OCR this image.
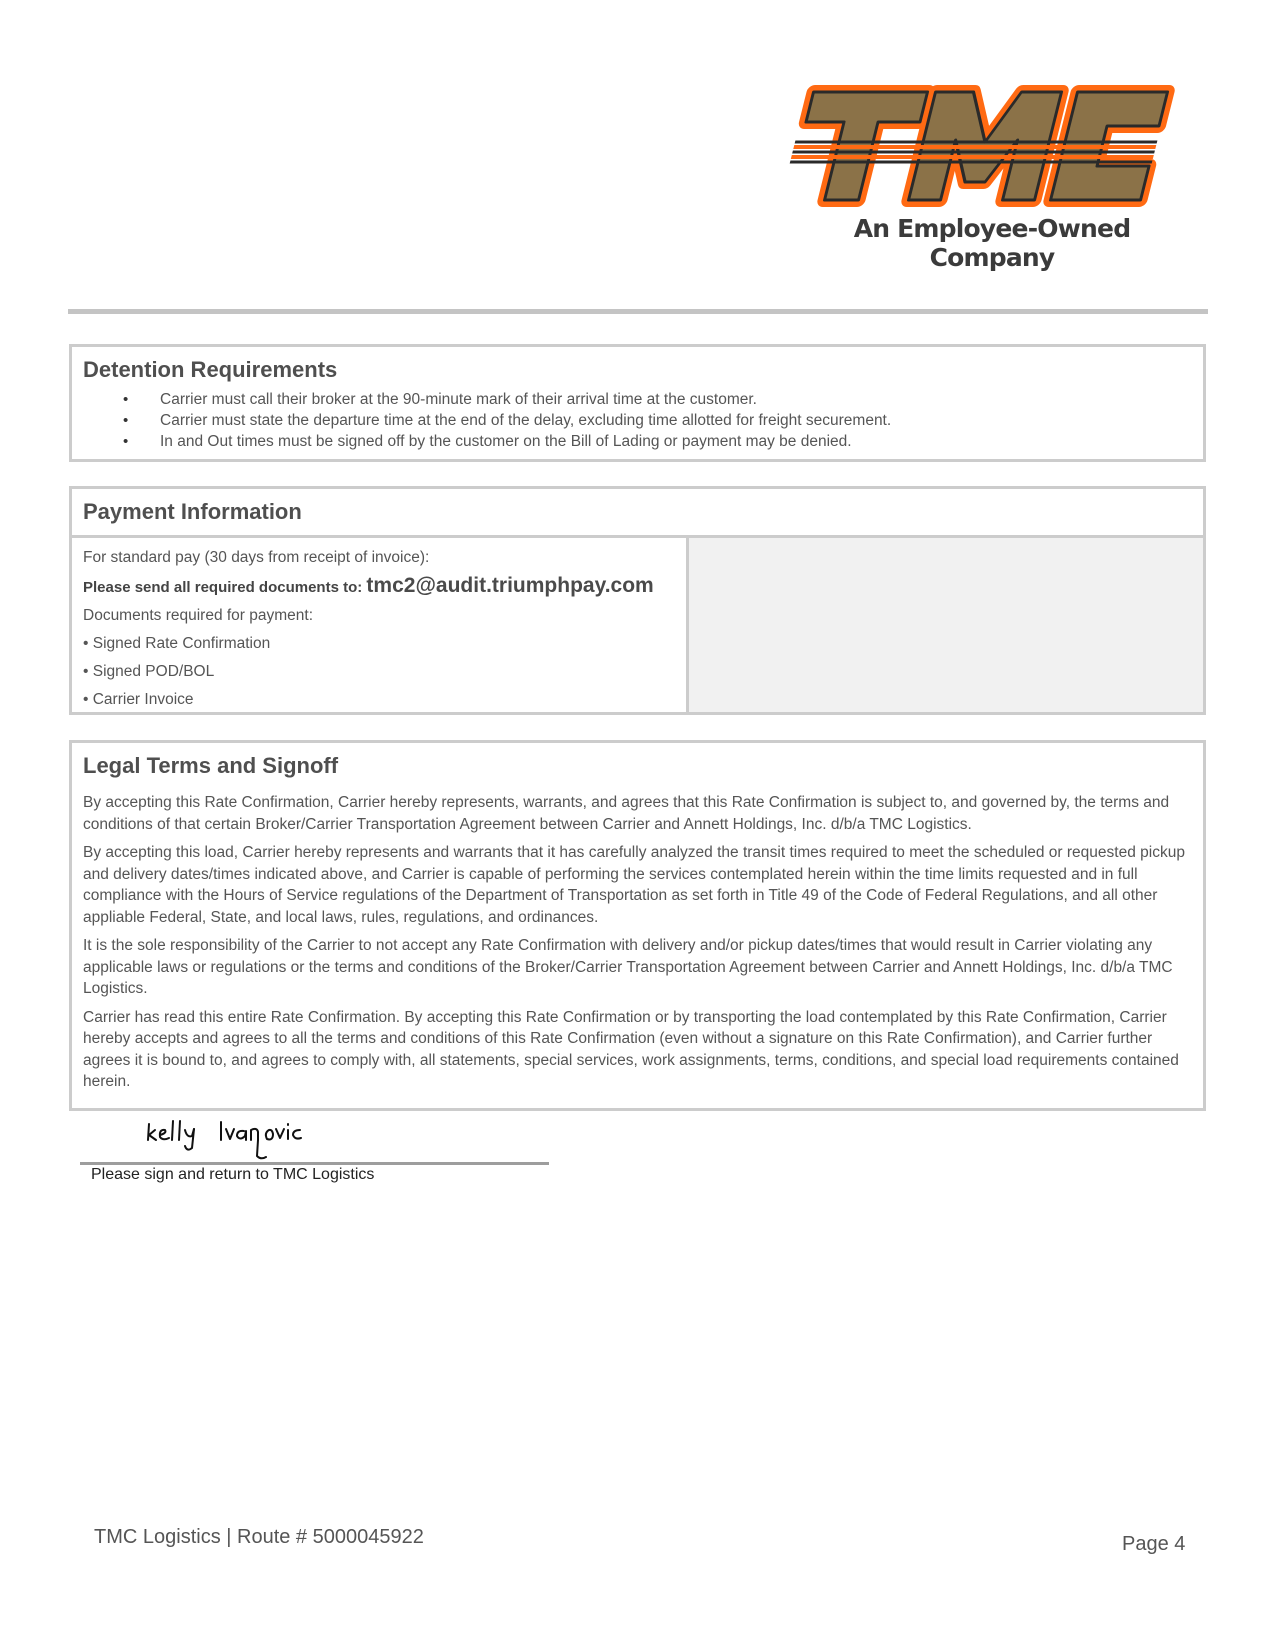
An Employee-Owned Company
Detention Requirements
• Carrier must call their broker at the 90-minute mark of their arrival time at the customer.
• Carrier must state the departure time at the end of the delay, excluding time allotted for freight securement.
• In and Out times must be signed off by the customer on the Bill of Lading or payment may be denied.
Payment Information
For standard pay (30 days from receipt of invoice):
Please send all required documents to: tmc2@audit.triumphpay.com
Documents required for payment:
• Signed Rate Confirmation
• Signed POD/BOL
• Carrier Invoice
Legal Terms and Signoff

By accepting this Rate Confirmation, Carrier hereby represents, warrants, and agrees that this Rate Confirmation is subject to, and governed by, the terms and conditions of that certain Broker/Carrier Transportation Agreement between Carrier and Annett Holdings, Inc. d/b/a TMC Logistics.

By accepting this load, Carrier hereby represents and warrants that it has carefully analyzed the transit times required to meet the scheduled or requested pickup and delivery dates/times indicated above, and Carrier is capable of performing the services contemplated herein within the time limits requested and in full compliance with the Hours of Service regulations of the Department of Transportation as set forth in Title 49 of the Code of Federal Regulations, and all other appliable Federal, State, and local laws, rules, regulations, and ordinances.

It is the sole responsibility of the Carrier to not accept any Rate Confirmation with delivery and/or pickup dates/times that would result in Carrier violating any applicable laws or regulations or the terms and conditions of the Broker/Carrier Transportation Agreement between Carrier and Annett Holdings, Inc. d/b/a TMC Logistics.

Carrier has read this entire Rate Confirmation. By accepting this Rate Confirmation or by transporting the load contemplated by this Rate Confirmation, Carrier hereby accepts and agrees to all the terms and conditions of this Rate Confirmation (even without a signature on this Rate Confirmation), and Carrier further agrees it is bound to, and agrees to comply with, all statements, special services, work assignments, terms, conditions, and special load requirements contained herein.

Please sign and return to TMC Logistics
TMC Logistics | Route # 5000045922	Page 4
